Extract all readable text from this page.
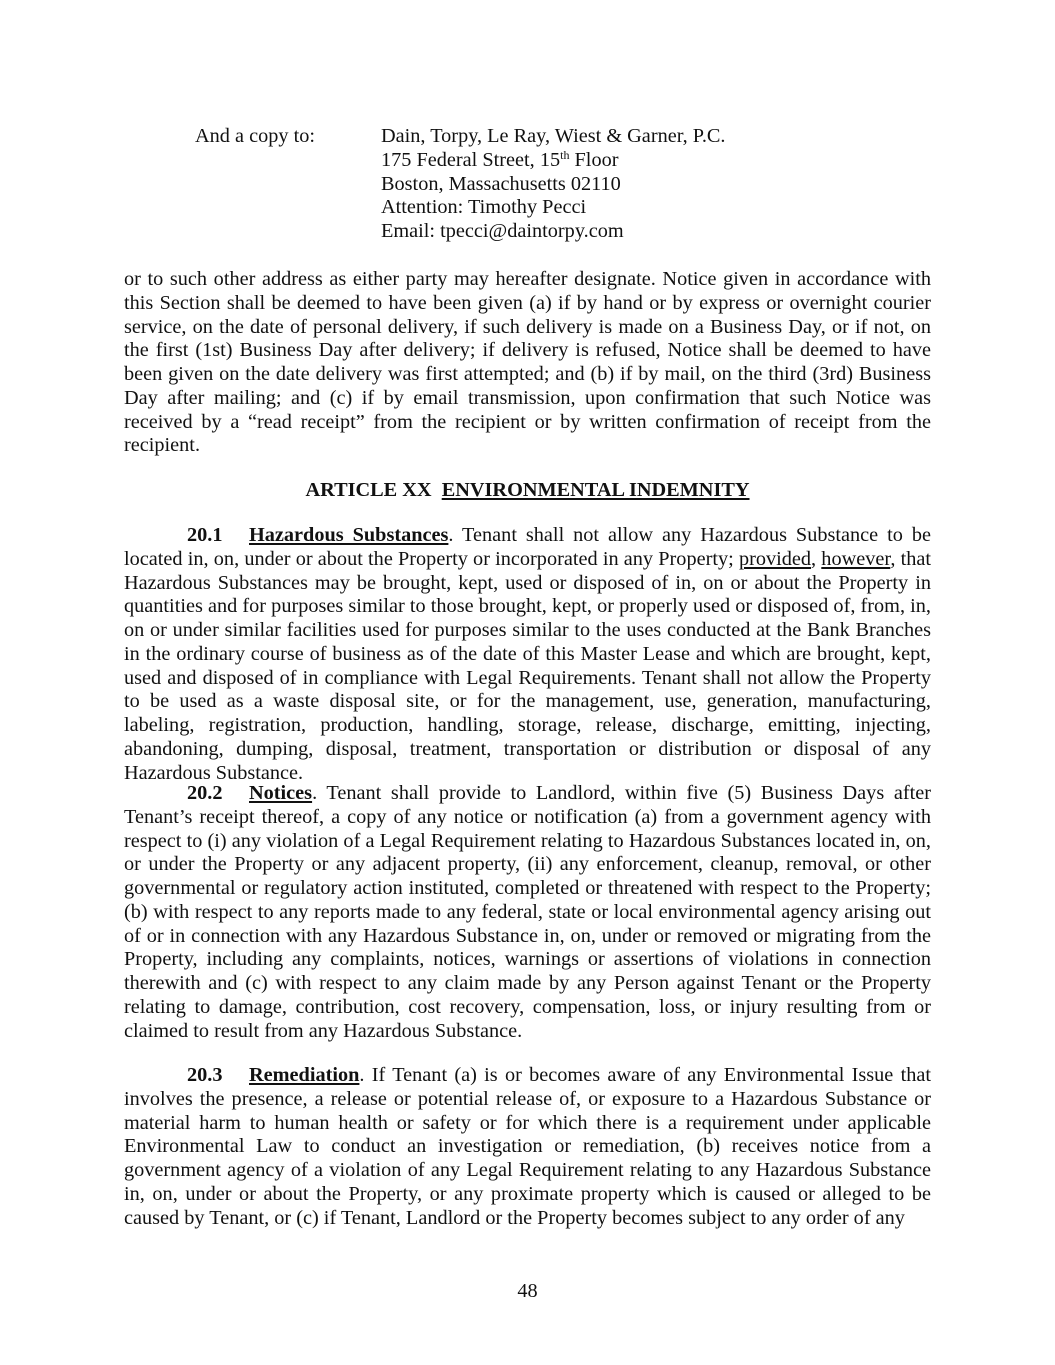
And a copy to:	Dain, Torpy, Le Ray, Wiest & Garner, P.C.
175 Federal Street, 15th Floor
Boston, Massachusetts 02110
Attention: Timothy Pecci
Email: tpecci@daintorpy.com
or to such other address as either party may hereafter designate. Notice given in accordance with this Section shall be deemed to have been given (a) if by hand or by express or overnight courier service, on the date of personal delivery, if such delivery is made on a Business Day, or if not, on the first (1st) Business Day after delivery; if delivery is refused, Notice shall be deemed to have been given on the date delivery was first attempted; and (b) if by mail, on the third (3rd) Business Day after mailing; and (c) if by email transmission, upon confirmation that such Notice was received by a “read receipt” from the recipient or by written confirmation of receipt from the recipient.
ARTICLE XX ENVIRONMENTAL INDEMNITY
20.1 Hazardous Substances. Tenant shall not allow any Hazardous Substance to be located in, on, under or about the Property or incorporated in any Property; provided, however, that Hazardous Substances may be brought, kept, used or disposed of in, on or about the Property in quantities and for purposes similar to those brought, kept, or properly used or disposed of, from, in, on or under similar facilities used for purposes similar to the uses conducted at the Bank Branches in the ordinary course of business as of the date of this Master Lease and which are brought, kept, used and disposed of in compliance with Legal Requirements. Tenant shall not allow the Property to be used as a waste disposal site, or for the management, use, generation, manufacturing, labeling, registration, production, handling, storage, release, discharge, emitting, injecting, abandoning, dumping, disposal, treatment, transportation or distribution or disposal of any Hazardous Substance.
20.2 Notices. Tenant shall provide to Landlord, within five (5) Business Days after Tenant’s receipt thereof, a copy of any notice or notification (a) from a government agency with respect to (i) any violation of a Legal Requirement relating to Hazardous Substances located in, on, or under the Property or any adjacent property, (ii) any enforcement, cleanup, removal, or other governmental or regulatory action instituted, completed or threatened with respect to the Property; (b) with respect to any reports made to any federal, state or local environmental agency arising out of or in connection with any Hazardous Substance in, on, under or removed or migrating from the Property, including any complaints, notices, warnings or assertions of violations in connection therewith and (c) with respect to any claim made by any Person against Tenant or the Property relating to damage, contribution, cost recovery, compensation, loss, or injury resulting from or claimed to result from any Hazardous Substance.
20.3 Remediation. If Tenant (a) is or becomes aware of any Environmental Issue that involves the presence, a release or potential release of, or exposure to a Hazardous Substance or material harm to human health or safety or for which there is a requirement under applicable Environmental Law to conduct an investigation or remediation, (b) receives notice from a government agency of a violation of any Legal Requirement relating to any Hazardous Substance in, on, under or about the Property, or any proximate property which is caused or alleged to be caused by Tenant, or (c) if Tenant, Landlord or the Property becomes subject to any order of any
48
